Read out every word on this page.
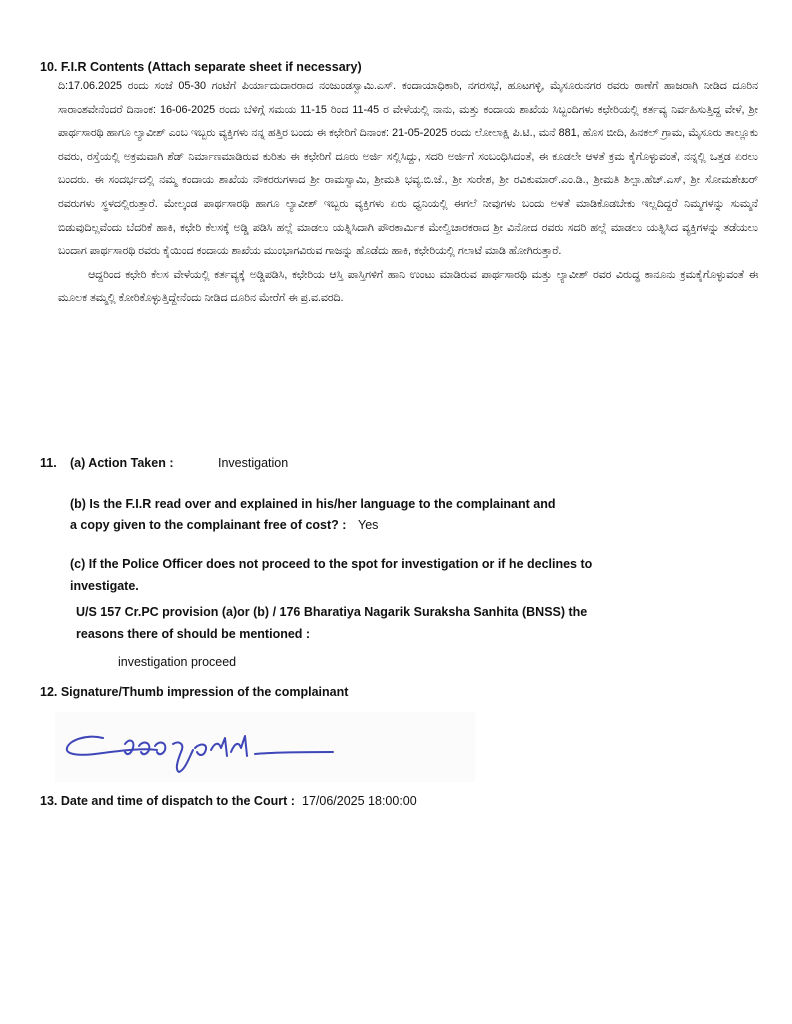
10. F.I.R Contents (Attach separate sheet if necessary)

ದಿ:17.06.2025 ರಂದು ಸಂಜೆ 05-30 ಗಂಟೆಗೆ ಪಿರ್ಯಾದುದಾರರಾದ ನಂಜುಂಡಸ್ವಾಮಿ.ಎಸ್. ಕಂದಾಯಾಧಿಕಾರಿ, ನಗರಸಭೆ, ಹೂಟಗಳ್ಳಿ, ಮೈಸೂರುನಗರ ರವರು ಠಾಣೆಗೆ ಹಾಜರಾಗಿ ನೀಡಿದ ದೂರಿನ ಸಾರಾಂಶವೇನೆಂದರೆ ದಿನಾಂಕ: 16-06-2025 ರಂದು ಬೆಳಿಗ್ಗೆ ಸಮಯ 11-15 ರಿಂದ 11-45 ರ ವೇಳೆಯಲ್ಲಿ ನಾನು, ಮತ್ತು ಕಂದಾಯ ಶಾಖೆಯ ಸಿಬ್ಬಂದಿಗಳು ಕಛೇರಿಯಲ್ಲಿ ಕರ್ತವ್ಯ ನಿರ್ವಹಿಸುತ್ತಿದ್ದ ವೇಳೆ, ಶ್ರೀ ಪಾರ್ಥಸಾರಥಿ ಹಾಗೂ ಲ್ಯಾವೀಶ್ ಎಂಬ ಇಬ್ಬರು ವ್ಯಕ್ತಿಗಳು ನನ್ನ ಹತ್ತಿರ ಬಂದು ಈ ಕಛೇರಿಗೆ ದಿನಾಂಕ: 21-05-2025 ರಂದು ಲೋಲಾಕ್ಷಿ ಪಿ.ಟಿ., ಮನೆ 881, ಹೊಸ ಬೀದಿ, ಹಿನಕಲ್ ಗ್ರಾಮ, ಮೈಸೂರು ತಾಲ್ಲೂಕು ರವರು, ರಸ್ತೆಯಲ್ಲಿ ಅಕ್ರಮವಾಗಿ ಶೆಡ್ ನಿರ್ಮಾಣಮಾಡಿರುವ ಕುರಿತು ಈ ಕಛೇರಿಗೆ ದೂರು ಅರ್ಜಿ ಸಲ್ಲಿಸಿದ್ದು, ಸದರಿ ಅರ್ಜಿಗೆ ಸಂಬಂಧಿಸಿದಂತೆ, ಈ ಕೂಡಲೇ ಆಳತೆ ಕ್ರಮ ಕೈಗೊಳ್ಳುವಂತೆ, ನನ್ನಲ್ಲಿ ಒತ್ತಡ ಏರಲು ಬಂದರು. ಈ ಸಂದರ್ಭದಲ್ಲಿ ನಮ್ಮ ಕಂದಾಯ ಶಾಖೆಯ ನೌಕರರುಗಳಾದ ಶ್ರೀ ರಾಮಸ್ವಾಮಿ, ಶ್ರೀಮತಿ ಭವ್ಯ.ಬಿ.ಜೆ., ಶ್ರೀ ಸುರೇಶ, ಶ್ರೀ ರವಿಕುಮಾರ್.ಎಂ.ಡಿ., ಶ್ರೀಮತಿ ಶಿಲ್ಪಾ.ಹೆಚ್.ಎಸ್, ಶ್ರೀ ಸೋಮಶೇಖರ್ ರವರುಗಳು ಸ್ಥಳದಲ್ಲಿರುತ್ತಾರೆ. ಮೇಲ್ಕಂಡ ಪಾರ್ಥಸಾರಥಿ ಹಾಗೂ ಲ್ಯಾವೀಶ್ ಇಬ್ಬರು ವ್ಯಕ್ತಿಗಳು ಏರು ಧ್ವನಿಯಲ್ಲಿ ಈಗಲೆ ನೀವುಗಳು ಬಂದು ಅಳತೆ ಮಾಡಿಕೊಡಬೇಕು ಇಲ್ಲದಿದ್ದರೆ ನಿಮ್ಮಗಳನ್ನು ಸುಮ್ಮನೆ ಬಿಡುವುದಿಲ್ಲವೆಂದು ಬೆದರಿಕೆ ಹಾಕಿ, ಕಛೇರಿ ಕೆಲಸಕ್ಕೆ ಅಡ್ಡಿ ಪಡಿಸಿ ಹಲ್ಲೆ ಮಾಡಲು ಯತ್ನಿಸಿದಾಗಿ ಪೌರಕಾರ್ಮಿಕ ಮೇಲ್ವಿಚಾರಕರಾದ ಶ್ರೀ ವಿನೋದ ರವರು ಸದರಿ ಹಲ್ಲೆ ಮಾಡಲು ಯತ್ನಿಸಿದ ವ್ಯಕ್ತಿಗಳನ್ನು ತಡೆಯಲು ಬಂದಾಗ ಪಾರ್ಥಸಾರಥಿ ರವರು ಕೈಯಿಂದ ಕಂದಾಯ ಶಾಖೆಯ ಮುಂಭಾಗವಿರುವ ಗಾಜನ್ನು ಹೊಡೆದು ಹಾಕಿ, ಕಛೇರಿಯಲ್ಲಿ ಗಲಾಟೆ ಮಾಡಿ ಹೋಗಿರುತ್ತಾರೆ.

ಆದ್ದರಿಂದ ಕಛೇರಿ ಕೆಲಸ ವೇಳೆಯಲ್ಲಿ ಕರ್ತವ್ಯಕ್ಕೆ ಅಡ್ಡಿಪಡಿಸಿ, ಕಛೇರಿಯ ಆಸ್ತಿ ಪಾಸ್ತಿಗಳಿಗೆ ಹಾನಿ ಉಂಟು ಮಾಡಿರುವ ಪಾರ್ಥಸಾರಥಿ ಮತ್ತು ಲ್ಯಾವೀಶ್ ರವರ ವಿರುದ್ಧ ಕಾನೂನು ಕ್ರಮಕೈಗೊಳ್ಳುವಂತೆ ಈ ಮೂಲಕ ತಮ್ಮಲ್ಲಿ ಕೋರಿಕೊಳ್ಳುತ್ತಿದ್ದೇನೆಂದು ನೀಡಿದ ದೂರಿನ ಮೇರೆಗೆ ಈ ಪ್ರ.ವ.ವರದಿ.

11. (a) Action Taken :	Investigation
(b) Is the F.I.R read over and explained in his/her language to the complainant and
a copy given to the complainant free of cost? : Yes
(c) If the Police Officer does not proceed to the spot for investigation or if he declines to
investigate.
U/S 157 Cr.PC provision (a)or (b) / 176 Bharatiya Nagarik Suraksha Sanhita (BNSS) the
reasons there of should be mentioned :
investigation proceed
12. Signature/Thumb impression of the complainant
13. Date and time of dispatch to the Court : 17/06/2025 18:00:00
